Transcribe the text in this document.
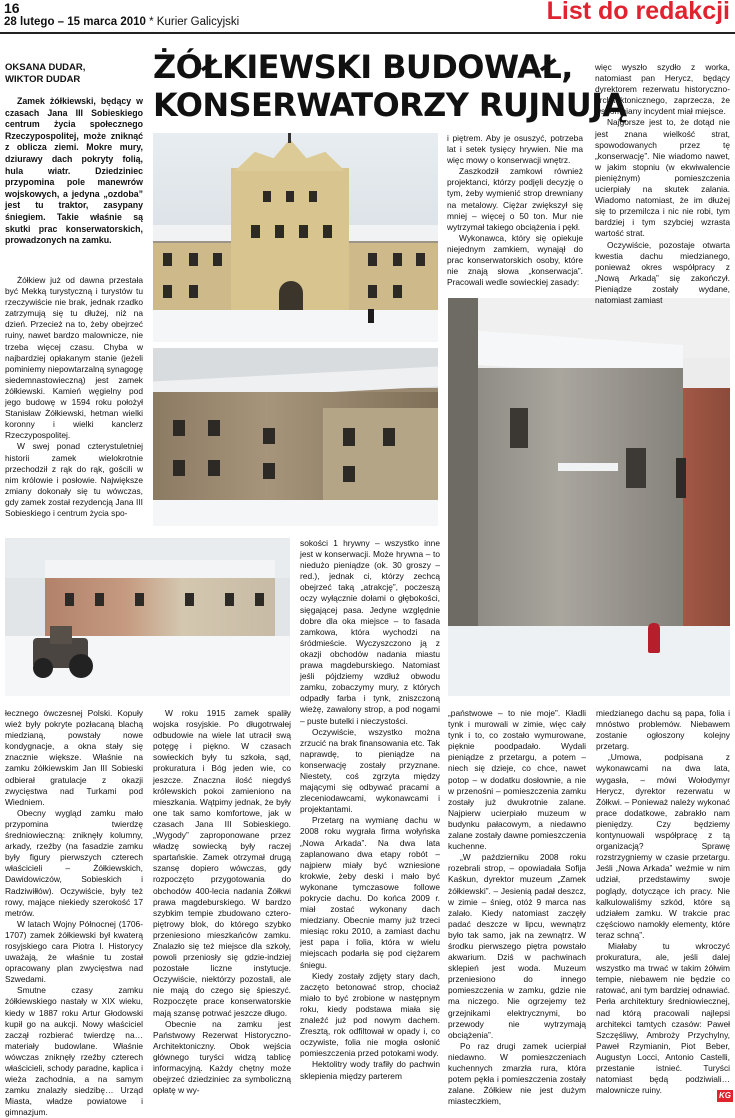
16
28 lutego – 15 marca 2010 * Kurier Galicyjski	List do redakcji
OKSANA DUDAR,
WIKTOR DUDAR ŻÓŁKIEWSKI BUDOWAŁ,
KONSERWATORZY RUJNUJĄ
Zamek żółkiewski, będący w czasach Jana III Sobieskiego centrum życia społecznego Rzeczypospolitej, może zniknąć z oblicza ziemi. Mokre mury, dziurawy dach pokryty folią, hula wiatr. Dziedziniec przypomina pole manewrów wojskowych, a jedyna „ozdoba” jest tu traktor, zasypany śniegiem. Takie właśnie są skutki prac konserwatorskich, prowadzonych na zamku.

Żółkiew już od dawna przestała być Mekką turystyczną i turystów tu rzeczywiście nie brak, jednak rzadko zatrzymują się tu dłużej, niż na dzień. Przecież na to, żeby obejrzeć ruiny, nawet bardzo malownicze, nie trzeba więcej czasu. Chyba w najbardziej opłakanym stanie (jeżeli pominiemy niepowtarzalną synagogę siedemnastowieczną) jest zamek żółkiewski. Kamień węgielny pod jego budowę w 1594 roku położył Stanisław Żółkiewski, hetman wielki koronny i wielki kanclerz Rzeczypospolitej.

W swej ponad czterystuletniej historii zamek wielokrotnie przechodził z rąk do rąk, gościli w nim królowie i posłowie. Największe zmiany dokonały się tu wówczas, gdy zamek został rezydencją Jana III Sobieskiego i centrum życia spo-

i piętrem. Aby je osuszyć, potrzeba lat i setek tysięcy hrywien. Nie ma więc mowy o konserwacji wnętrz.

Zaszkodził zamkowi również projektanci, którzy podjęli decyzję o tym, żeby wymienić strop drewniany na metalowy. Ciężar zwiększył się mniej – więcej o 50 ton. Mur nie wytrzymał takiego obciążenia i pękł.

Wykonawca, który się opiekuje niejednym zamkiem, wynajął do prac konserwatorskich osoby, które nie znają słowa „konserwacja”. Pracowali wedle sowieckiej zasady:

więc wyszło szydło z worka, natomiast pan Herycz, będący dyrektorem rezerwatu historyczno-architektonicznego, zaprzecza, że wspomniany incydent miał miejsce.

Najgorsze jest to, że dotąd nie jest znana wielkość strat, spowodowanych przez tę „konserwację”. Nie wiadomo nawet, w jakim stopniu (w ekwiwalencie pieniężnym) pomieszczenia ucierpiały na skutek zalania. Wiadomo natomiast, że im dłużej się to przemilcza i nic nie robi, tym bardziej i tym szybciej wzrasta wartość strat.

Oczywiście, pozostaje otwarta kwestia dachu miedzianego, ponieważ okres współpracy z „Nową Arkadą” się zakończył. Pieniądze zostały wydane, natomiast zamiast

sokości 1 hrywny – wszystko inne jest w konserwacji. Może hrywna – to niedużo pieniądze (ok. 30 groszy – red.), jednak ci, którzy zechcą obejrzeć taką „atrakcję”, poczeszą oczy wyłącznie dołami o głębokości, sięgającej pasa. Jedyne względnie dobre dla oka miejsce – to fasada zamkowa, która wychodzi na śródmieście. Wyczyszczono ją z okazji obchodów nadania miastu prawa magdeburskiego. Natomiast jeśli pójdziemy wzdłuż obwodu zamku, zobaczymy mury, z których odpadły farba i tynk, zniszczoną wieżę, zawalony strop, a pod nogami – puste butelki i nieczystości.

Oczywiście, wszystko można zrzucić na brak finansowania etc. Tak naprawdę, to pieniądze na konserwację zostały przyznane. Niestety, coś zgrzyta między mającymi się odbywać pracami a zleceniodawcami, wykonawcami i projektantami.

Przetarg na wymianę dachu w 2008 roku wygrała firma wołyńska „Nowa Arkada”. Na dwa lata zaplanowano dwa etapy robót – najpierw miały być wzniesione krokwie, żeby deski i mało być wykonane tymczasowe followe pokrycie dachu. Do końca 2009 r. miał zostać wykonany dach miedziany. Obecnie mamy już trzeci miesiąc roku 2010, a zamiast dachu jest papa i folia, która w wielu miejscach podarła się pod ciężarem śniegu.

Kiedy zostały zdjęty stary dach, zaczęto betonować strop, chociaż miało to być zrobione w następnym roku, kiedy podstawa miała się znaleźć już pod nowym dachem. Zresztą, rok odfiltował w opady i, co oczywiste, folia nie mogła osłonić pomieszczenia przed potokami wody.

Hektolitry wody trafiły do pachwin sklepienia między parterem

łecznego ówczesnej Polski. Kopuły wież były pokryte pozłacaną blachą miedzianą, powstały nowe kondygnacje, a okna stały się znacznie większe. Właśnie na zamku żółkiewskim Jan III Sobieski odbierał gratulacje z okazji zwycięstwa nad Turkami pod Wiedniem.

Obecny wygląd zamku mało przypomina twierdzę średniowieczną: zniknęły kolumny, arkady, rzeźby (na fasadzie zamku były figury pierwszych czterech właścicieli – Żółkiewskich, Dawidowiczów, Sobieskich i Radziwiłłów). Oczywiście, były też rowy, mające niekiedy szerokość 17 metrów.

W latach Wojny Północnej (1706-1707) zamek żółkiewski był kwaterą rosyjskiego cara Piotra I. Historycy uważają, że właśnie tu został opracowany plan zwycięstwa nad Szwedami.

Smutne czasy zamku żółkiewskiego nastały w XIX wieku, kiedy w 1887 roku Artur Głodowski kupił go na aukcji. Nowy właściciel zaczął rozbierać twierdzę na… materiały budowlane. Właśnie wówczas zniknęły rzeźby czterech właścicieli, schody paradne, kaplica i wieża zachodnia, a na samym zamku znalazły siedzibę… Urząd Miasta, władze powiatowe i gimnazjum.

W roku 1915 zamek spaliły wojska rosyjskie. Po długotrwałej odbudowie na wiele lat utracił swą potęgę i piękno. W czasach sowieckich były tu szkoła, sąd, prokuratura i Bóg jeden wie, co jeszcze. Znaczna ilość niegdyś królewskich pokoi zamieniono na mieszkania. Wątpimy jednak, że były one tak samo komfortowe, jak w czasach Jana III Sobieskiego. „Wygody” zaproponowane przez władzę sowiecką były raczej spartańskie. Zamek otrzymał drugą szansę dopiero wówczas, gdy rozpoczęto przygotowania do obchodów 400-lecia nadania Żółkwi prawa magdeburskiego. W bardzo szybkim tempie zbudowano cztero-piętrowy blok, do którego szybko przeniesiono mieszkańców zamku. Znalazło się też miejsce dla szkoły, powoli przeniosły się gdzie-indziej pozostałe liczne instytucje. Oczywiście, niektórzy pozostali, ale nie mają do czego się śpieszyć. Rozpoczęte prace konserwatorskie mają szansę potrwać jeszcze długo.

Obecnie na zamku jest Państwowy Rezerwat Historyczno-Architektoniczny. Obok wejścia głównego turyści widzą tablicę informacyjną. Każdy chętny może obejrzeć dziedziniec za symboliczną opłatę w wy-

„państwowe – to nie moje”. Kładli tynk i murowali w zimie, więc cały tynk i to, co zostało wymurowane, pięknie poodpadało. Wydali pieniądze z przetargu, a potem – niech się dzieje, co chce, nawet potop – w dodatku dosłownie, a nie w przenośni – pomieszczenia zamku zostały już dwukrotnie zalane. Najpierw ucierpiało muzeum w budynku pałacowym, a niedawno zalane zostały dawne pomieszczenia kuchenne.

„W październiku 2008 roku rozebrali strop, – opowiadała Sofija Kaśkun, dyrektor muzeum „Zamek żółkiewski”. – Jesienią padał deszcz, w zimie – śnieg, otóż 9 marca nas zalało. Kiedy natomiast zaczęły padać deszcze w lipcu, wewnątrz było tak samo, jak na zewnątrz. W środku pierwszego piętra powstało akwarium. Dziś w pachwinach sklepień jest woda. Muzeum przeniesiono do innego pomieszczenia w zamku, gdzie nie ma niczego. Nie ogrzejemy też grzejnikami elektrycznymi, bo przewody nie wytrzymają obciążenia”.

Po raz drugi zamek ucierpiał niedawno. W pomieszczeniach kuchennych zmarzła rura, która potem pękła i pomieszczenia zostały zalane. Żółkiew nie jest dużym miasteczkiem,

miedzianego dachu są papa, folia i mnóstwo problemów. Niebawem zostanie ogłoszony kolejny przetarg.

„Umowa, podpisana z wykonawcami na dwa lata, wygasła, – mówi Wołodymyr Herycz, dyrektor rezerwatu w Żółkwi. – Ponieważ należy wykonać prace dodatkowe, zabrakło nam pieniędzy. Czy będziemy kontynuowali współpracę z tą organizacją? Sprawę rozstrzygniemy w czasie przetargu. Jeśli „Nowa Arkada” weźmie w nim udział, przedstawimy swoje poglądy, dotyczące ich pracy. Nie kalkulowaliśmy szkód, które są udziałem zamku. W trakcie prac częściowo namokły elementy, które teraz schną”.

Miałaby tu wkroczyć prokuratura, ale, jeśli dalej wszystko ma trwać w takim żółwim tempie, niebawem nie będzie co ratować, ani tym bardziej odnawiać. Perła architektury średniowiecznej, nad którą pracowali najlepsi architekci tamtych czasów: Paweł Szczęśliwy, Ambroży Przychylny, Paweł Rzymianin, Piot Beber, Augustyn Locci, Antonio Castelli, przestanie istnieć. Turyści natomiast będą podziwiali… malownicze ruiny.

KG
